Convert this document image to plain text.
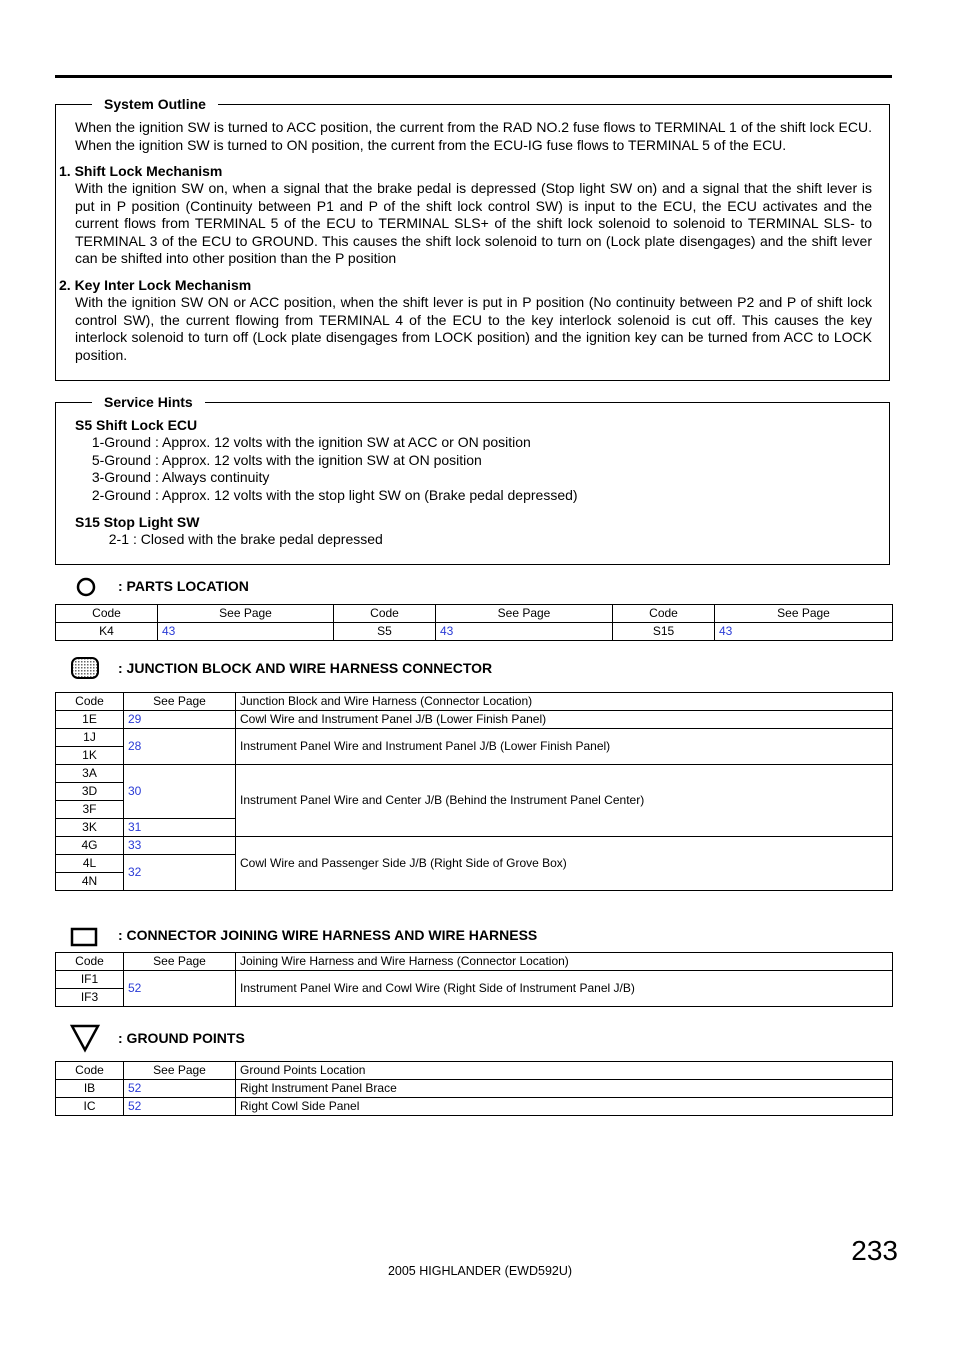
System Outline
When the ignition SW is turned to ACC position, the current from the RAD NO.2 fuse flows to TERMINAL 1 of the shift lock ECU. When the ignition SW is turned to ON position, the current from the ECU-IG fuse flows to TERMINAL 5 of the ECU.
1. Shift Lock Mechanism
With the ignition SW on, when a signal that the brake pedal is depressed (Stop light SW on) and a signal that the shift lever is put in P position (Continuity between P1 and P of the shift lock control SW) is input to the ECU, the ECU activates and the current flows from TERMINAL 5 of the ECU to TERMINAL SLS+ of the shift lock solenoid to solenoid to TERMINAL SLS- to TERMINAL 3 of the ECU to GROUND. This causes the shift lock solenoid to turn on (Lock plate disengages) and the shift lever can be shifted into other position than the P position
2. Key Inter Lock Mechanism
With the ignition SW ON or ACC position, when the shift lever is put in P position (No continuity between P2 and P of shift lock control SW), the current flowing from TERMINAL 4 of the ECU to the key interlock solenoid is cut off. This causes the key interlock solenoid to turn off (Lock plate disengages from LOCK position) and the ignition key can be turned from ACC to LOCK position.
Service Hints
S5 Shift Lock ECU
1-Ground : Approx. 12 volts with the ignition SW at ACC or ON position
5-Ground : Approx. 12 volts with the ignition SW at ON position
3-Ground : Always continuity
2-Ground : Approx. 12 volts with the stop light SW on (Brake pedal depressed)
S15 Stop Light SW
2-1 : Closed with the brake pedal depressed
: PARTS LOCATION
Code	See Page	Code	See Page	Code	See Page
K4	43	S5	43	S15	43
: JUNCTION BLOCK AND WIRE HARNESS CONNECTOR
Code	See Page	Junction Block and Wire Harness (Connector Location)
1E	29	Cowl Wire and Instrument Panel J/B (Lower Finish Panel)
1J	28	Instrument Panel Wire and Instrument Panel J/B (Lower Finish Panel)
1K		
3A	30	Instrument Panel Wire and Center J/B (Behind the Instrument Panel Center)
3D		
3F		
3K	31	
4G	33	Cowl Wire and Passenger Side J/B (Right Side of Grove Box)
4L	32	
4N		
: CONNECTOR JOINING WIRE HARNESS AND WIRE HARNESS
Code	See Page	Joining Wire Harness and Wire Harness (Connector Location)
IF1	52	Instrument Panel Wire and Cowl Wire (Right Side of Instrument Panel J/B)
IF3		
: GROUND POINTS
Code	See Page	Ground Points Location
IB	52	Right Instrument Panel Brace
IC	52	Right Cowl Side Panel
233
2005 HIGHLANDER (EWD592U)
